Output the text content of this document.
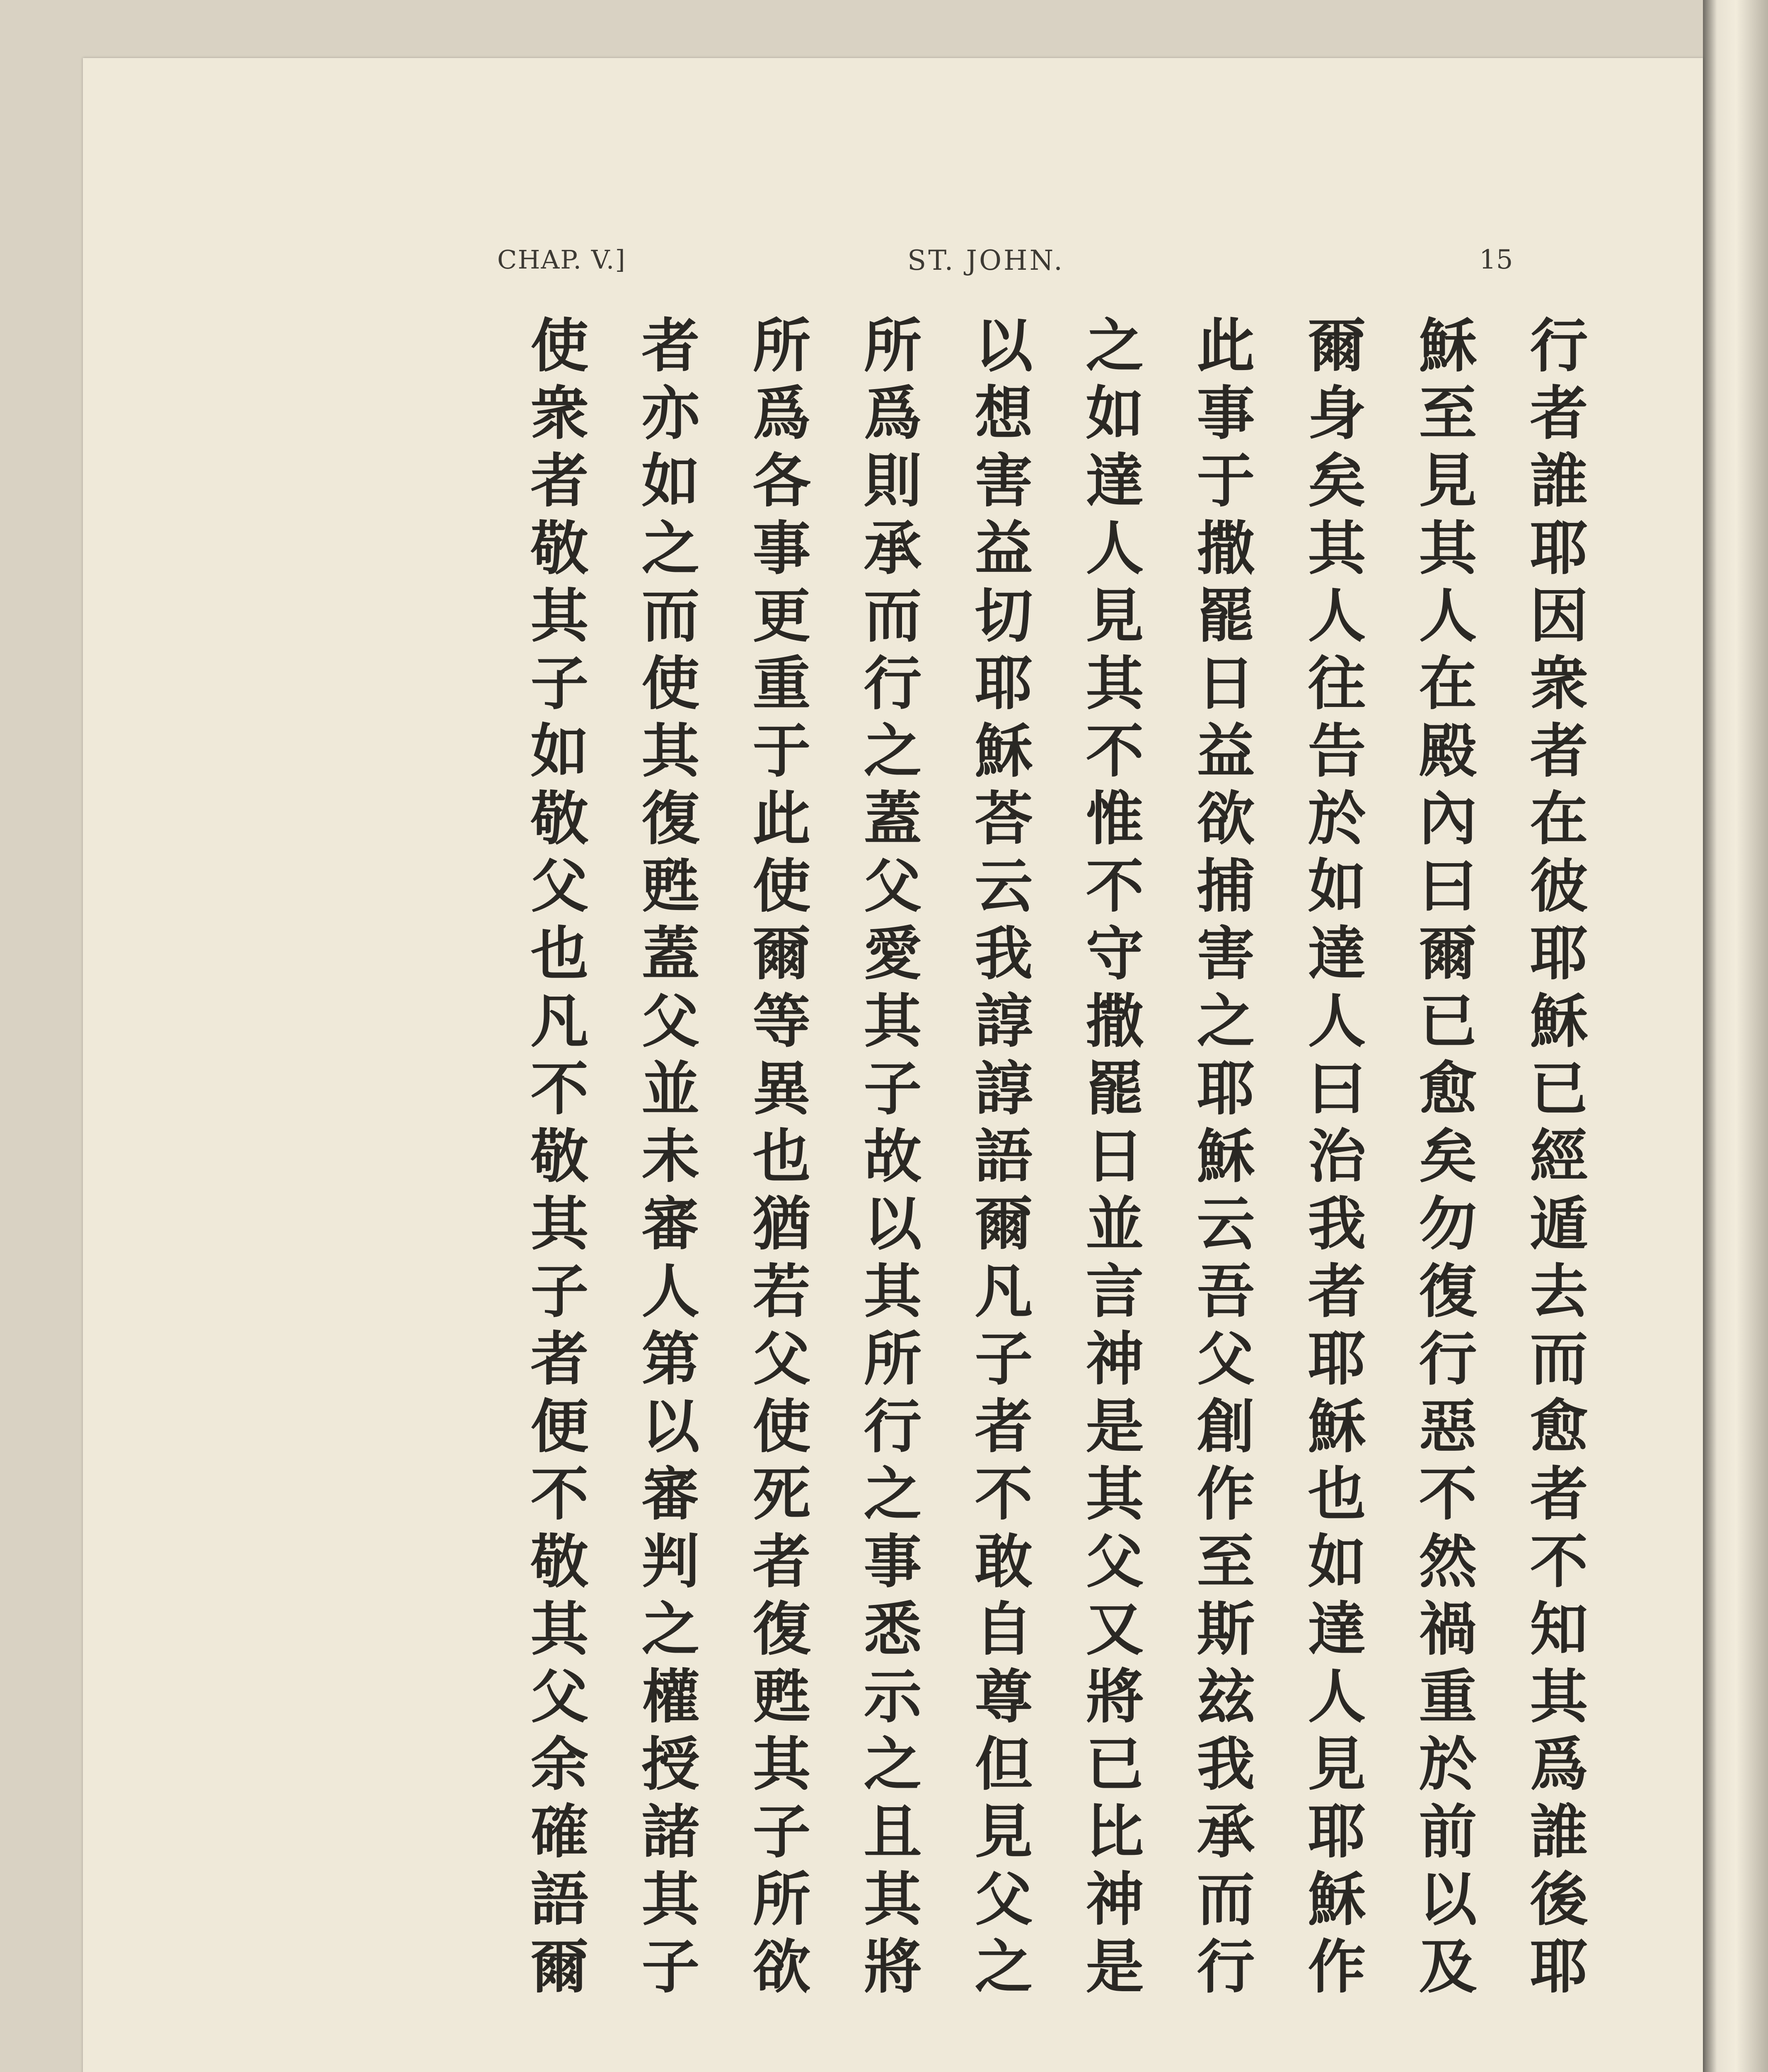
CHAP. V.]	ST. JOHN.	15
行者誰耶因衆者在彼耶穌已經遁去而愈者不知其爲誰後耶
穌至見其人在殿內曰爾已愈矣勿復行惡不然禍重於前以及
爾身矣其人往告於如達人曰治我者耶穌也如達人見耶穌作
此事于撒罷日益欲捕害之耶穌云吾父創作至斯玆我承而行
之如達人見其不惟不守撒罷日並言神是其父又將已比神是
以想害益切耶穌荅云我諄諄語爾凡子者不敢自尊但見父之
所爲則承而行之蓋父愛其子故以其所行之事悉示之且其將
所爲各事更重于此使爾等異也猶若父使死者復甦其子所欲
者亦如之而使其復甦蓋父並未審人第以審判之權授諸其子
使衆者敬其子如敬父也凡不敬其子者便不敬其父余確語爾
